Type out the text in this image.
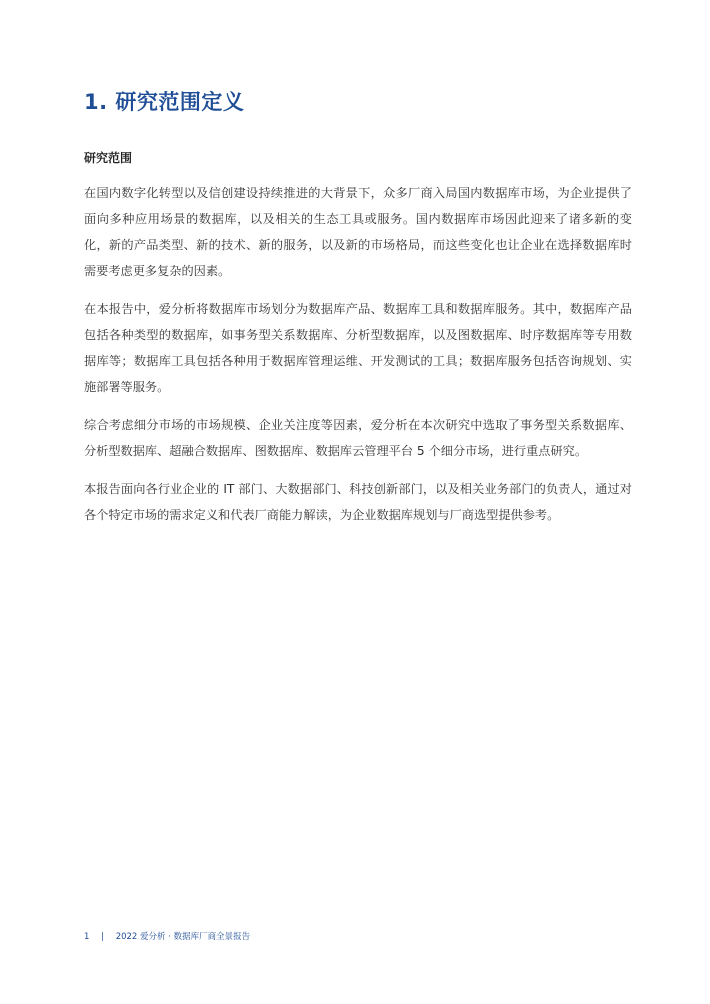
1. 研究范围定义
研究范围

在国内数字化转型以及信创建设持续推进的大背景下，众多厂商入局国内数据库市场，为企业提供了面向多种应用场景的数据库，以及相关的生态工具或服务。国内数据库市场因此迎来了诸多新的变化，新的产品类型、新的技术、新的服务，以及新的市场格局，而这些变化也让企业在选择数据库时需要考虑更多复杂的因素。

在本报告中，爱分析将数据库市场划分为数据库产品、数据库工具和数据库服务。其中，数据库产品包括各种类型的数据库，如事务型关系数据库、分析型数据库，以及图数据库、时序数据库等专用数据库等；数据库工具包括各种用于数据库管理运维、开发测试的工具；数据库服务包括咨询规划、实施部署等服务。

综合考虑细分市场的市场规模、企业关注度等因素，爱分析在本次研究中选取了事务型关系数据库、分析型数据库、超融合数据库、图数据库、数据库云管理平台 5 个细分市场，进行重点研究。

本报告面向各行业企业的 IT 部门、大数据部门、科技创新部门，以及相关业务部门的负责人，通过对各个特定市场的需求定义和代表厂商能力解读，为企业数据库规划与厂商选型提供参考。

1 | 2022 爱分析 · 数据库厂商全景报告
